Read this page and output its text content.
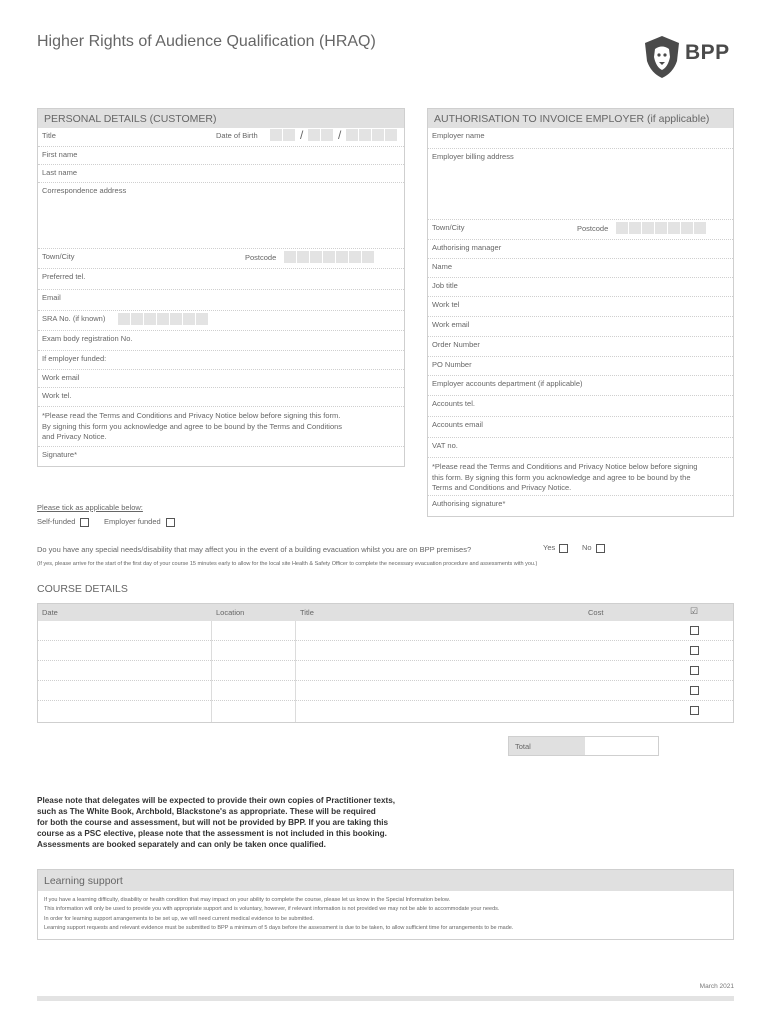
Higher Rights of Audience Qualification (HRAQ)	BPP
PERSONAL DETAILS (CUSTOMER)
Title	Date of Birth	/	/
First name
Last name
Correspondence address
Town/City	Postcode
Preferred tel.
Email
SRA No. (if known)
Exam body registration No.
If employer funded:
Work email
Work tel.
*Please read the Terms and Conditions and Privacy Notice below before signing this form.
By signing this form you acknowledge and agree to be bound by the Terms and Conditions
and Privacy Notice.
Signature*
AUTHORISATION TO INVOICE EMPLOYER (if applicable)
Employer name
Employer billing address
Town/City	Postcode
Authorising manager
Name
Job title
Work tel
Work email
Order Number
PO Number
Employer accounts department (if applicable)
Accounts tel.
Accounts email
VAT no.
*Please read the Terms and Conditions and Privacy Notice below before signing
this form. By signing this form you acknowledge and agree to be bound by the
Terms and Conditions and Privacy Notice.
Authorising signature*
Please tick as applicable below:
Self-funded	Employer funded
Do you have any special needs/disability that may affect you in the event of a building evacuation whilst you are on BPP premises?	Yes	No
(If yes, please arrive for the start of the first day of your course 15 minutes early to allow for the local site Health & Safety Officer to complete the necessary evacuation procedure and assessments with you.)
COURSE DETAILS
Date	Location	Title	Cost	☑
Total
Please note that delegates will be expected to provide their own copies of Practitioner texts,
such as The White Book, Archbold, Blackstone's as appropriate. These will be required
for both the course and assessment, but will not be provided by BPP. If you are taking this
course as a PSC elective, please note that the assessment is not included in this booking.
Assessments are booked separately and can only be taken once qualified.
Learning support
If you have a learning difficulty, disability or health condition that may impact on your ability to complete the course, please let us know in the Special Information below.
This information will only be used to provide you with appropriate support and is voluntary, however, if relevant information is not provided we may not be able to accommodate your needs.
In order for learning support arrangements to be set up, we will need current medical evidence to be submitted.
Learning support requests and relevant evidence must be submitted to BPP a minimum of 5 days before the assessment is due to be taken, to allow sufficient time for arrangements to be made.
March 2021
